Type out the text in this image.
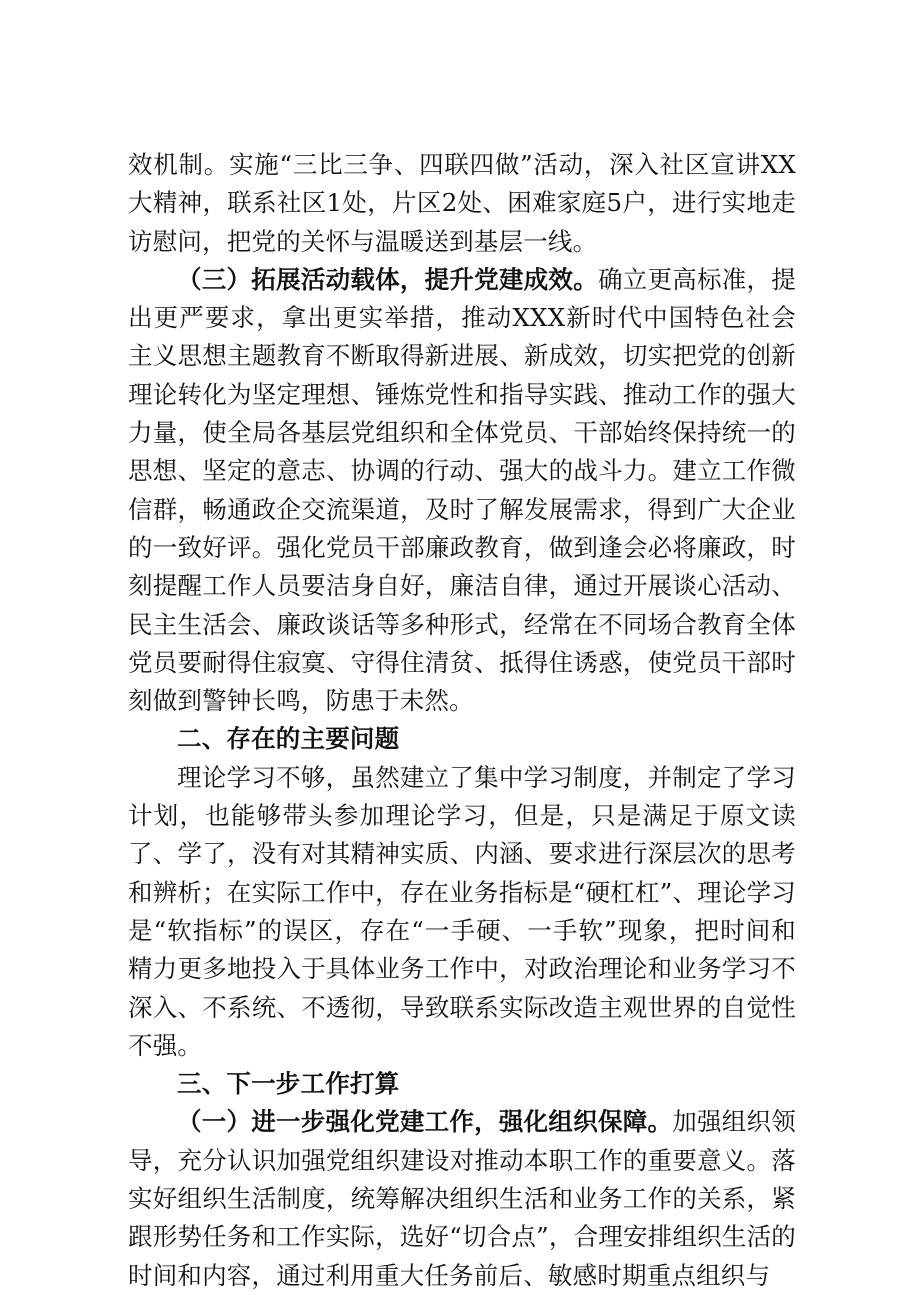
效机制。实施“三比三争、四联四做”活动，深入社区宣讲XX大精神，联系社区1处，片区2处、困难家庭5户，进行实地走访慰问，把党的关怀与温暖送到基层一线。

（三）拓展活动载体，提升党建成效。确立更高标准，提出更严要求，拿出更实举措，推动XXX新时代中国特色社会主义思想主题教育不断取得新进展、新成效，切实把党的创新理论转化为坚定理想、锤炼党性和指导实践、推动工作的强大力量，使全局各基层党组织和全体党员、干部始终保持统一的思想、坚定的意志、协调的行动、强大的战斗力。建立工作微信群，畅通政企交流渠道，及时了解发展需求，得到广大企业的一致好评。强化党员干部廉政教育，做到逢会必将廉政，时刻提醒工作人员要洁身自好，廉洁自律，通过开展谈心活动、民主生活会、廉政谈话等多种形式，经常在不同场合教育全体党员要耐得住寂寞、守得住清贫、抵得住诱惑，使党员干部时刻做到警钟长鸣，防患于未然。

二、存在的主要问题

理论学习不够，虽然建立了集中学习制度，并制定了学习计划，也能够带头参加理论学习，但是，只是满足于原文读了、学了，没有对其精神实质、内涵、要求进行深层次的思考和辨析；在实际工作中，存在业务指标是“硬杠杠”、理论学习是“软指标”的误区，存在“一手硬、一手软”现象，把时间和精力更多地投入于具体业务工作中，对政治理论和业务学习不深入、不系统、不透彻，导致联系实际改造主观世界的自觉性不强。

三、下一步工作打算

（一）进一步强化党建工作，强化组织保障。加强组织领导，充分认识加强党组织建设对推动本职工作的重要意义。落实好组织生活制度，统筹解决组织生活和业务工作的关系，紧跟形势任务和工作实际，选好“切合点”，合理安排组织生活的时间和内容，通过利用重大任务前后、敏感时期重点组织与
